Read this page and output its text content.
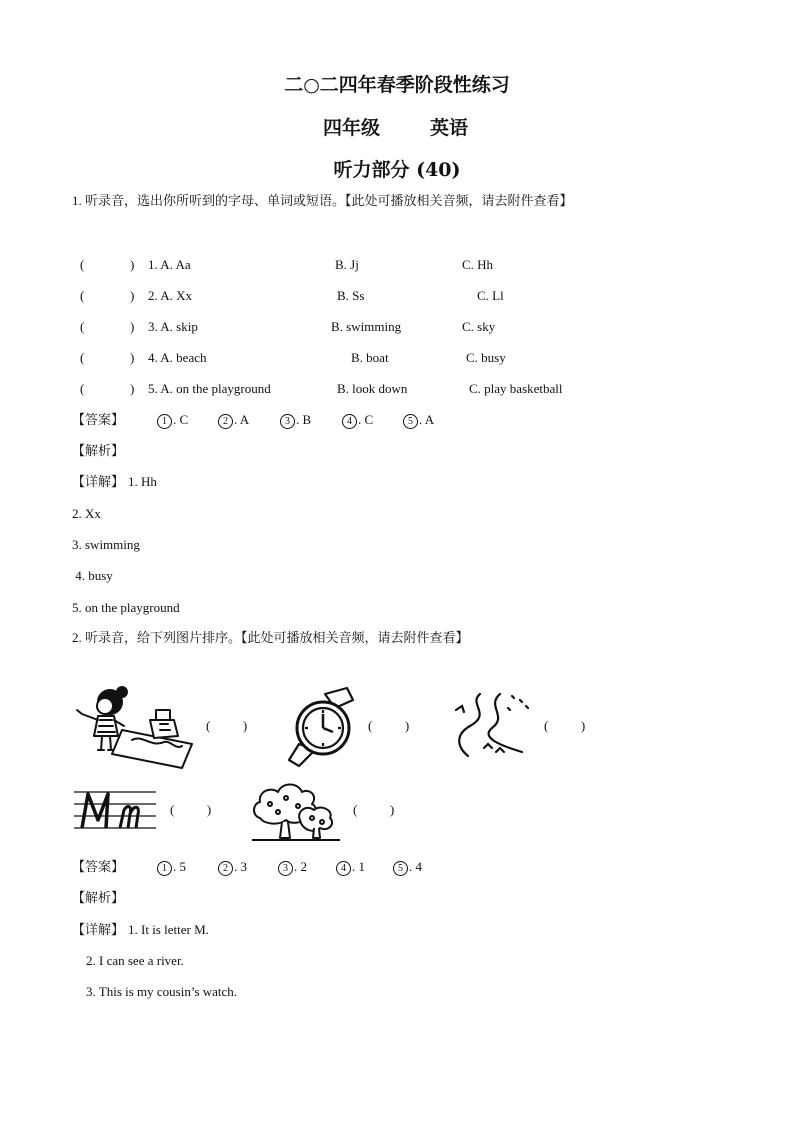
二○二四年春季阶段性练习
四年级	英语
听力部分 (40)
1. 听录音，选出你所听到的字母、单词或短语。【此处可播放相关音频，请去附件查看】
(	) 1. A. Aa	B. Jj	C. Hh
(	) 2. A. Xx	B. Ss	C. Ll
(	) 3. A. skip	B. swimming	C. sky
(	) 4. A. beach	B. boat	C. busy
(	) 5. A. on the playground	B. look down	C. play basketball
【答案】	1 . C	2 . A	3 . B	4 . C	5 . A
【解析】
【详解】 1. Hh
2. Xx
3. swimming
4. busy
5. on the playground
2. 听录音，给下列图片排序。【此处可播放相关音频，请去附件查看】
(          )	(          )	(          )
(          )	(          )
【答案】	1 . 5	2 . 3	3 . 2	4 . 1	5 . 4
【解析】
【详解】 1. It is letter M.
2. I can see a river.
3. This is my cousin’s watch.
